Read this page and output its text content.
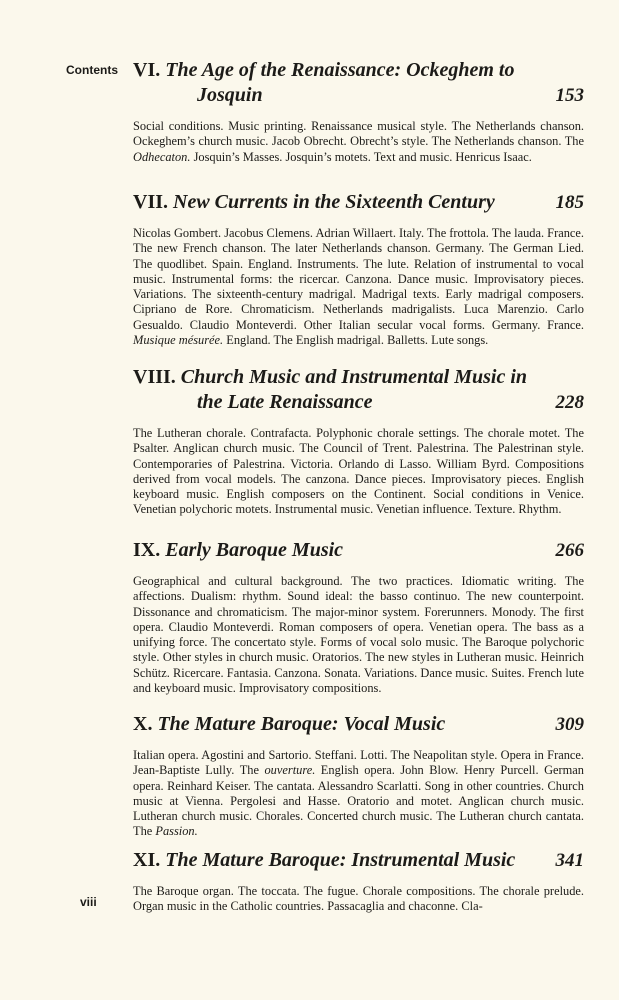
Contents VI. The Age of the Renaissance: Ockeghem to
Josquin	153

Social conditions. Music printing. Renaissance musical style. The Netherlands chanson. Ockeghem’s church music. Jacob Obrecht. Obrecht’s style. The Netherlands chanson. The Odhecaton. Josquin’s Masses. Josquin’s motets. Text and music. Henricus Isaac.

VII. New Currents in the Sixteenth Century	185

Nicolas Gombert. Jacobus Clemens. Adrian Willaert. Italy. The frottola. The lauda. France. The new French chanson. The later Netherlands chanson. Germany. The German Lied. The quodlibet. Spain. England. Instruments. The lute. Relation of instrumental to vocal music. Instrumental forms: the ricercar. Canzona. Dance music. Improvisatory pieces. Variations. The sixteenth-century madrigal. Madrigal texts. Early madrigal composers. Cipriano de Rore. Chromaticism. Netherlands madrigalists. Luca Marenzio. Carlo Gesualdo. Claudio Monteverdi. Other Italian secular vocal forms. Germany. France. Musique mésurée. England. The English madrigal. Balletts. Lute songs.

VIII. Church Music and Instrumental Music in
the Late Renaissance	228

The Lutheran chorale. Contrafacta. Polyphonic chorale settings. The chorale motet. The Psalter. Anglican church music. The Council of Trent. Palestrina. The Palestrinan style. Contemporaries of Palestrina. Victoria. Orlando di Lasso. William Byrd. Compositions derived from vocal models. The canzona. Dance pieces. Improvisatory pieces. English keyboard music. English composers on the Continent. Social conditions in Venice. Venetian polychoric motets. Instrumental music. Venetian influence. Texture. Rhythm.

IX. Early Baroque Music	266

Geographical and cultural background. The two practices. Idiomatic writing. The affections. Dualism: rhythm. Sound ideal: the basso continuo. The new counterpoint. Dissonance and chromaticism. The major-minor system. Forerunners. Monody. The first opera. Claudio Monteverdi. Roman composers of opera. Venetian opera. The bass as a unifying force. The concertato style. Forms of vocal solo music. The Baroque polychoric style. Other styles in church music. Oratorios. The new styles in Lutheran music. Heinrich Schütz. Ricercare. Fantasia. Canzona. Sonata. Variations. Dance music. Suites. French lute and keyboard music. Improvisatory compositions.

X. The Mature Baroque: Vocal Music	309

Italian opera. Agostini and Sartorio. Steffani. Lotti. The Neapolitan style. Opera in France. Jean-Baptiste Lully. The ouverture. English opera. John Blow. Henry Purcell. German opera. Reinhard Keiser. The cantata. Alessandro Scarlatti. Song in other countries. Church music at Vienna. Pergolesi and Hasse. Oratorio and motet. Anglican church music. Lutheran church music. Chorales. Concerted church music. The Lutheran church cantata. The Passion.

XI. The Mature Baroque: Instrumental Music 341

The Baroque organ. The toccata. The fugue. Chorale compositions. The chorale prelude. Organ music in the Catholic countries. Passacaglia and chaconne. Cla-

viii
